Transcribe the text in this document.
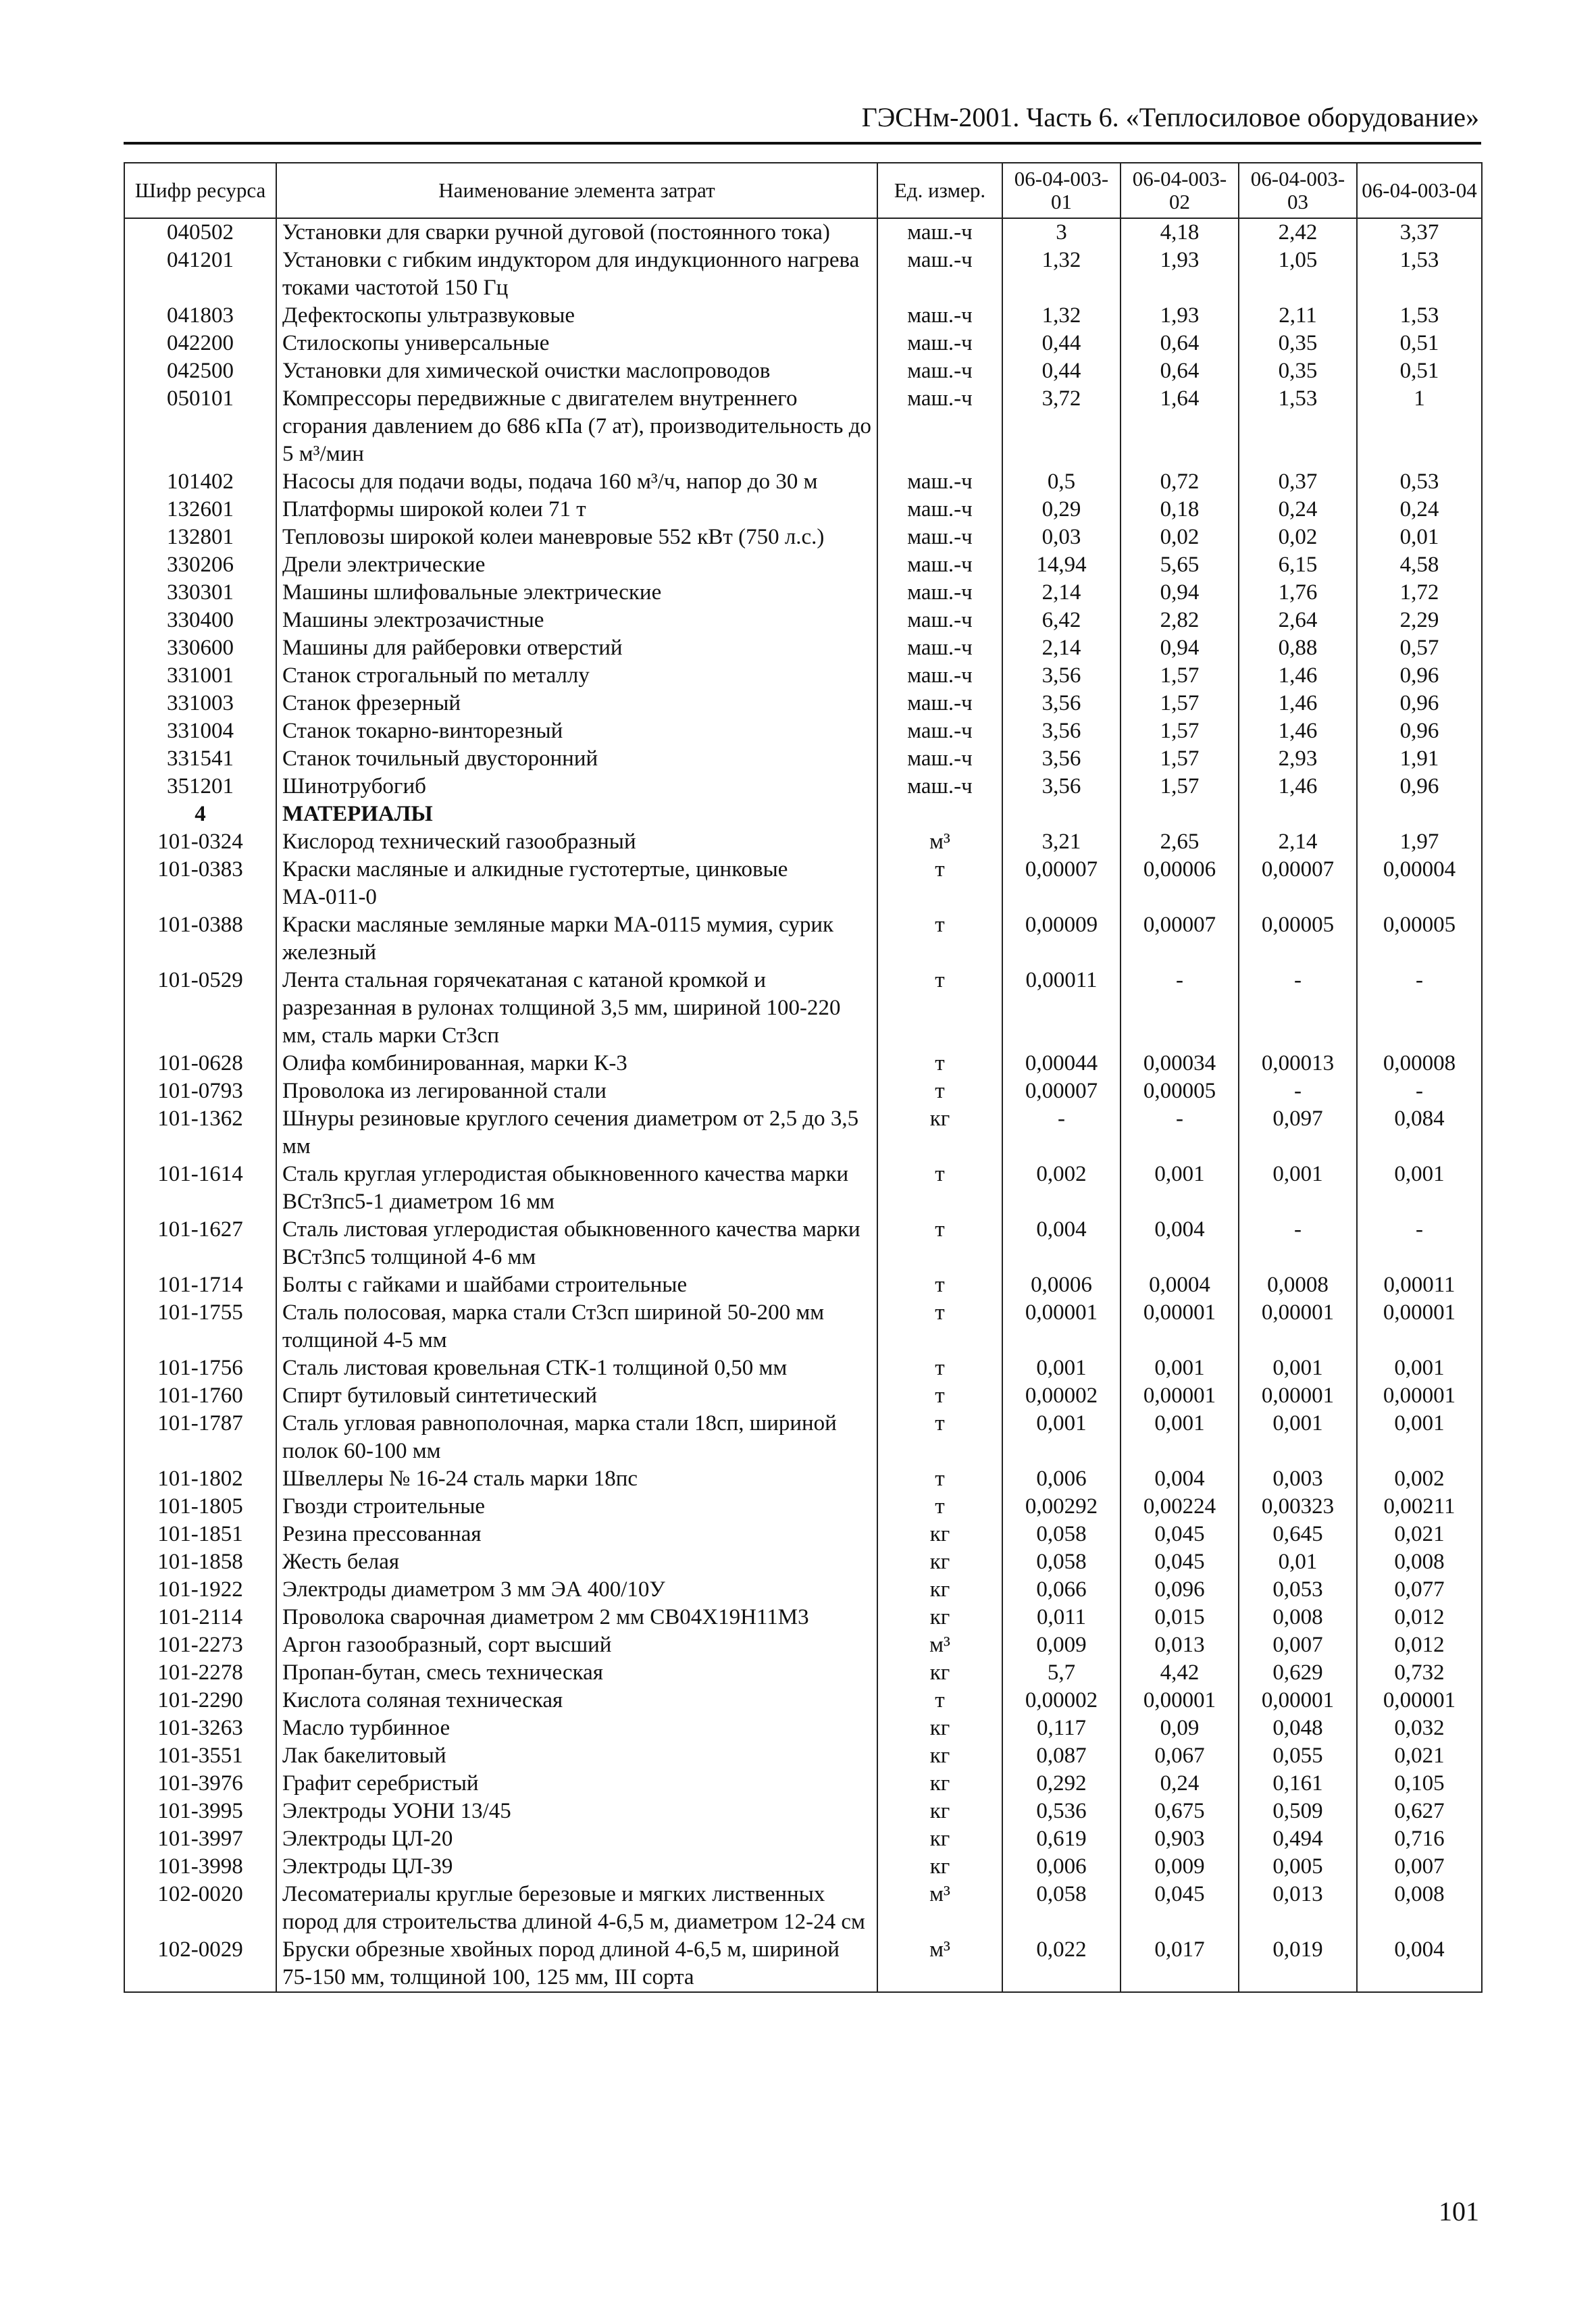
ГЭСНм-2001. Часть 6. «Теплосиловое оборудование»
Шифр ресурса	Наименование элемента затрат	Ед. измер.	06-04-003-01	06-04-003-02	06-04-003-03	06-04-003-04
040502	Установки для сварки ручной дуговой (постоянного тока)	маш.-ч	3	4,18	2,42	3,37
041201	Установки с гибким индуктором для индукционного нагрева токами частотой 150 Гц	маш.-ч	1,32	1,93	1,05	1,53
041803	Дефектоскопы ультразвуковые	маш.-ч	1,32	1,93	2,11	1,53
042200	Стилоскопы универсальные	маш.-ч	0,44	0,64	0,35	0,51
042500	Установки для химической очистки маслопроводов	маш.-ч	0,44	0,64	0,35	0,51
050101	Компрессоры передвижные с двигателем внутреннего сгорания давлением до 686 кПа (7 ат), производительность до 5 м³/мин	маш.-ч	3,72	1,64	1,53	1
101402	Насосы для подачи воды, подача 160 м³/ч, напор до 30 м	маш.-ч	0,5	0,72	0,37	0,53
132601	Платформы широкой колеи 71 т	маш.-ч	0,29	0,18	0,24	0,24
132801	Тепловозы широкой колеи маневровые 552 кВт (750 л.с.)	маш.-ч	0,03	0,02	0,02	0,01
330206	Дрели электрические	маш.-ч	14,94	5,65	6,15	4,58
330301	Машины шлифовальные электрические	маш.-ч	2,14	0,94	1,76	1,72
330400	Машины электрозачистные	маш.-ч	6,42	2,82	2,64	2,29
330600	Машины для райберовки отверстий	маш.-ч	2,14	0,94	0,88	0,57
331001	Станок строгальный по металлу	маш.-ч	3,56	1,57	1,46	0,96
331003	Станок фрезерный	маш.-ч	3,56	1,57	1,46	0,96
331004	Станок токарно-винторезный	маш.-ч	3,56	1,57	1,46	0,96
331541	Станок точильный двусторонний	маш.-ч	3,56	1,57	2,93	1,91
351201	Шинотрубогиб	маш.-ч	3,56	1,57	1,46	0,96
4	МАТЕРИАЛЫ					
101-0324	Кислород технический газообразный	м³	3,21	2,65	2,14	1,97
101-0383	Краски масляные и алкидные густотертые, цинковые МА-011-0	т	0,00007	0,00006	0,00007	0,00004
101-0388	Краски масляные земляные марки МА-0115 мумия, сурик железный	т	0,00009	0,00007	0,00005	0,00005
101-0529	Лента стальная горячекатаная с катаной кромкой и разрезанная в рулонах толщиной 3,5 мм, шириной 100-220 мм, сталь марки Ст3сп	т	0,00011	-	-	-
101-0628	Олифа комбинированная, марки К-3	т	0,00044	0,00034	0,00013	0,00008
101-0793	Проволока из легированной стали	т	0,00007	0,00005	-	-
101-1362	Шнуры резиновые круглого сечения диаметром от 2,5 до 3,5 мм	кг	-	-	0,097	0,084
101-1614	Сталь круглая углеродистая обыкновенного качества марки ВСт3пс5-1 диаметром 16 мм	т	0,002	0,001	0,001	0,001
101-1627	Сталь листовая углеродистая обыкновенного качества марки ВСт3пс5 толщиной 4-6 мм	т	0,004	0,004	-	-
101-1714	Болты с гайками и шайбами строительные	т	0,0006	0,0004	0,0008	0,00011
101-1755	Сталь полосовая, марка стали Ст3сп шириной 50-200 мм толщиной 4-5 мм	т	0,00001	0,00001	0,00001	0,00001
101-1756	Сталь листовая кровельная СТК-1 толщиной 0,50 мм	т	0,001	0,001	0,001	0,001
101-1760	Спирт бутиловый синтетический	т	0,00002	0,00001	0,00001	0,00001
101-1787	Сталь угловая равнополочная, марка стали 18сп, шириной полок 60-100 мм	т	0,001	0,001	0,001	0,001
101-1802	Швеллеры № 16-24 сталь марки 18пс	т	0,006	0,004	0,003	0,002
101-1805	Гвозди строительные	т	0,00292	0,00224	0,00323	0,00211
101-1851	Резина прессованная	кг	0,058	0,045	0,645	0,021
101-1858	Жесть белая	кг	0,058	0,045	0,01	0,008
101-1922	Электроды диаметром 3 мм ЭА 400/10У	кг	0,066	0,096	0,053	0,077
101-2114	Проволока сварочная диаметром 2 мм СВ04Х19Н11М3	кг	0,011	0,015	0,008	0,012
101-2273	Аргон газообразный, сорт высший	м³	0,009	0,013	0,007	0,012
101-2278	Пропан-бутан, смесь техническая	кг	5,7	4,42	0,629	0,732
101-2290	Кислота соляная техническая	т	0,00002	0,00001	0,00001	0,00001
101-3263	Масло турбинное	кг	0,117	0,09	0,048	0,032
101-3551	Лак бакелитовый	кг	0,087	0,067	0,055	0,021
101-3976	Графит серебристый	кг	0,292	0,24	0,161	0,105
101-3995	Электроды УОНИ 13/45	кг	0,536	0,675	0,509	0,627
101-3997	Электроды ЦЛ-20	кг	0,619	0,903	0,494	0,716
101-3998	Электроды ЦЛ-39	кг	0,006	0,009	0,005	0,007
102-0020	Лесоматериалы круглые березовые и мягких лиственных пород для строительства длиной 4-6,5 м, диаметром 12-24 см	м³	0,058	0,045	0,013	0,008
102-0029	Бруски обрезные хвойных пород длиной 4-6,5 м, шириной 75-150 мм, толщиной 100, 125 мм, III сорта	м³	0,022	0,017	0,019	0,004
101
